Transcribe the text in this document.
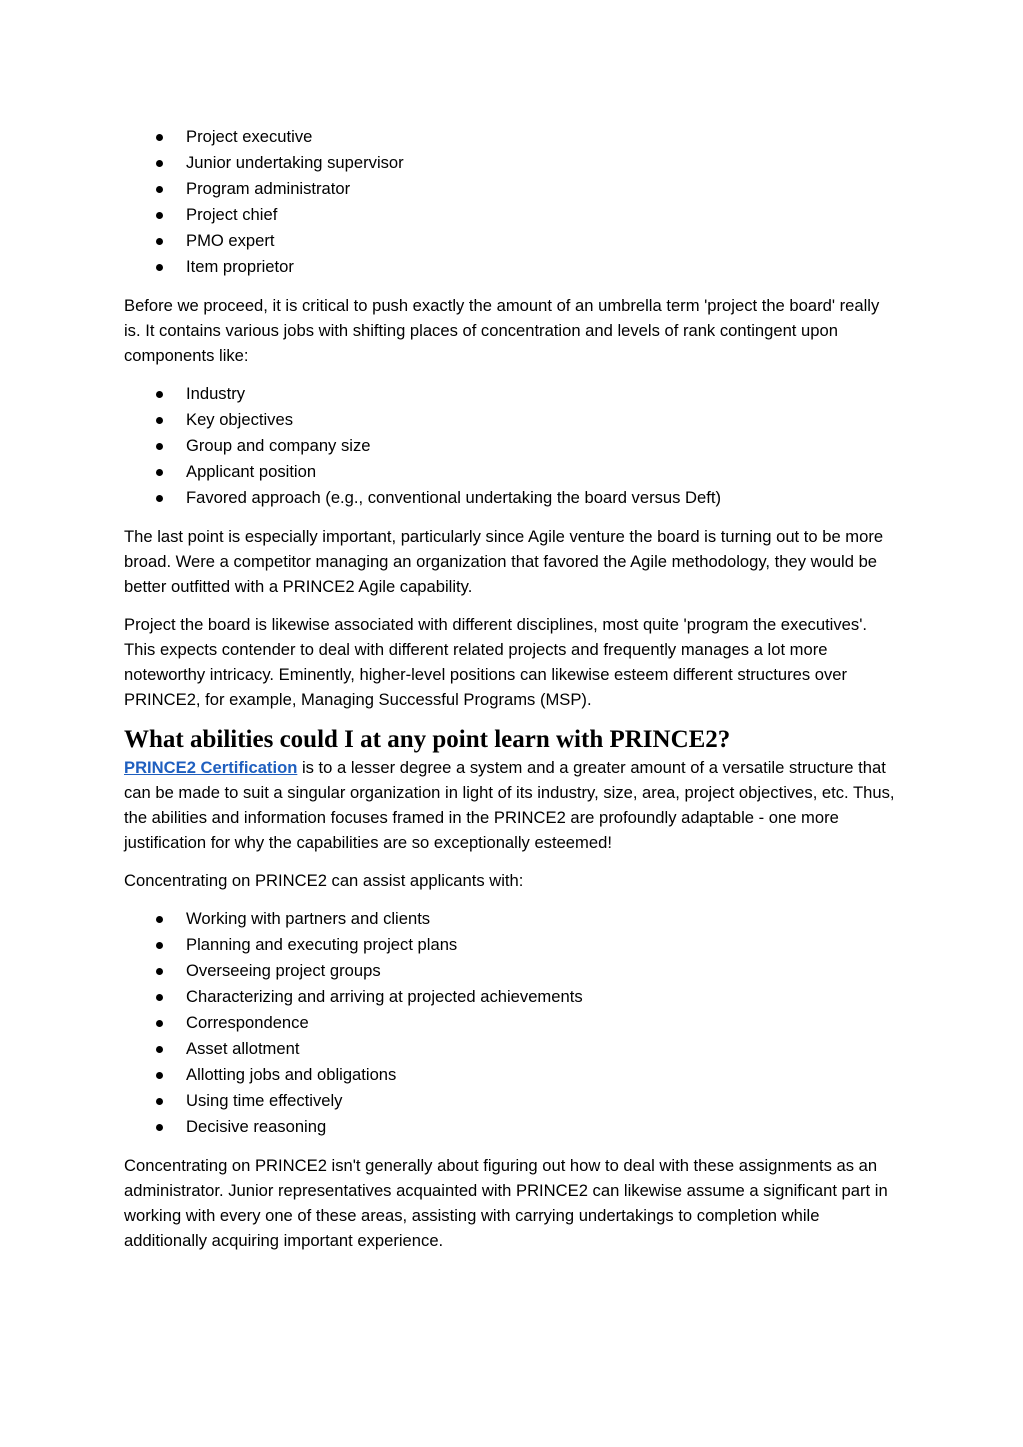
Project executive
Junior undertaking supervisor
Program administrator
Project chief
PMO expert
Item proprietor

Before we proceed, it is critical to push exactly the amount of an umbrella term 'project the board' really is. It contains various jobs with shifting places of concentration and levels of rank contingent upon components like:

Industry
Key objectives
Group and company size
Applicant position
Favored approach (e.g., conventional undertaking the board versus Deft)

The last point is especially important, particularly since Agile venture the board is turning out to be more broad. Were a competitor managing an organization that favored the Agile methodology, they would be better outfitted with a PRINCE2 Agile capability.

Project the board is likewise associated with different disciplines, most quite 'program the executives'. This expects contender to deal with different related projects and frequently manages a lot more noteworthy intricacy. Eminently, higher-level positions can likewise esteem different structures over PRINCE2, for example, Managing Successful Programs (MSP).

What abilities could I at any point learn with PRINCE2?

PRINCE2 Certification is to a lesser degree a system and a greater amount of a versatile structure that can be made to suit a singular organization in light of its industry, size, area, project objectives, etc. Thus, the abilities and information focuses framed in the PRINCE2 are profoundly adaptable - one more justification for why the capabilities are so exceptionally esteemed!

Concentrating on PRINCE2 can assist applicants with:

Working with partners and clients
Planning and executing project plans
Overseeing project groups
Characterizing and arriving at projected achievements
Correspondence
Asset allotment
Allotting jobs and obligations
Using time effectively
Decisive reasoning

Concentrating on PRINCE2 isn't generally about figuring out how to deal with these assignments as an administrator. Junior representatives acquainted with PRINCE2 can likewise assume a significant part in working with every one of these areas, assisting with carrying undertakings to completion while additionally acquiring important experience.
